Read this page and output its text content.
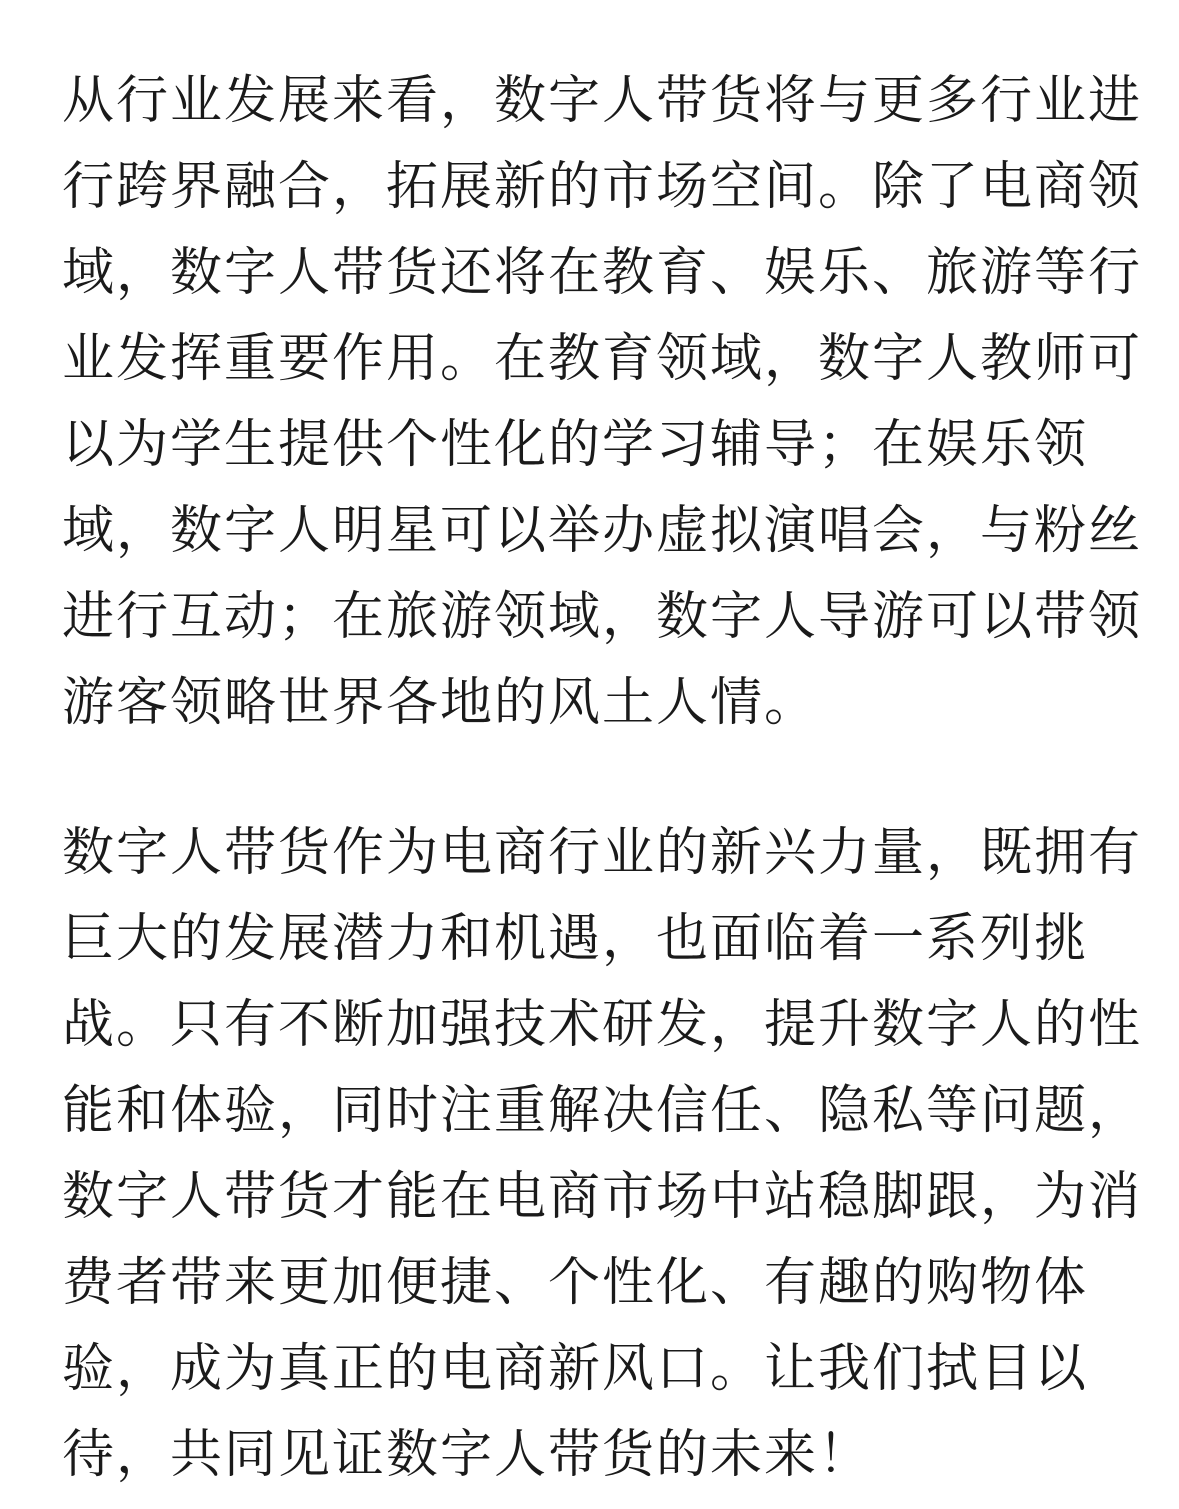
从行业发展来看，数字人带货将与更多行业进
行跨界融合，拓展新的市场空间。除了电商领
域，数字人带货还将在教育、娱乐、旅游等行
业发挥重要作用。在教育领域，数字人教师可
以为学生提供个性化的学习辅导；在娱乐领
域，数字人明星可以举办虚拟演唱会，与粉丝
进行互动；在旅游领域，数字人导游可以带领
游客领略世界各地的风土人情。

数字人带货作为电商行业的新兴力量，既拥有
巨大的发展潜力和机遇，也面临着一系列挑
战。只有不断加强技术研发，提升数字人的性
能和体验，同时注重解决信任、隐私等问题，
数字人带货才能在电商市场中站稳脚跟，为消
费者带来更加便捷、个性化、有趣的购物体
验，成为真正的电商新风口。让我们拭目以
待，共同见证数字人带货的未来！
